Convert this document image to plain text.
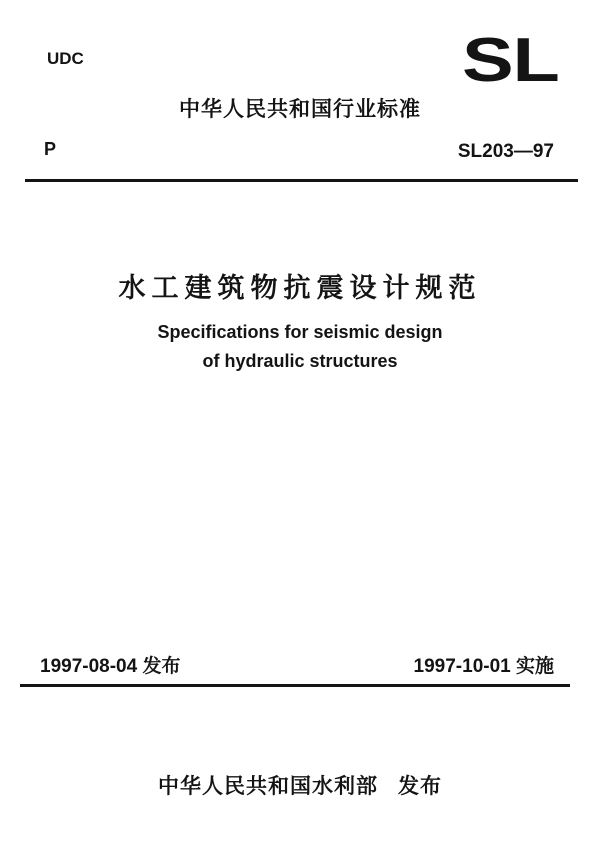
UDC	SL
中华人民共和国行业标准
P	SL203—97
水工建筑物抗震设计规范
Specifications for seismic design
of hydraulic structures
1997-08-04 发布	1997-10-01 实施
中华人民共和国水利部 发布
